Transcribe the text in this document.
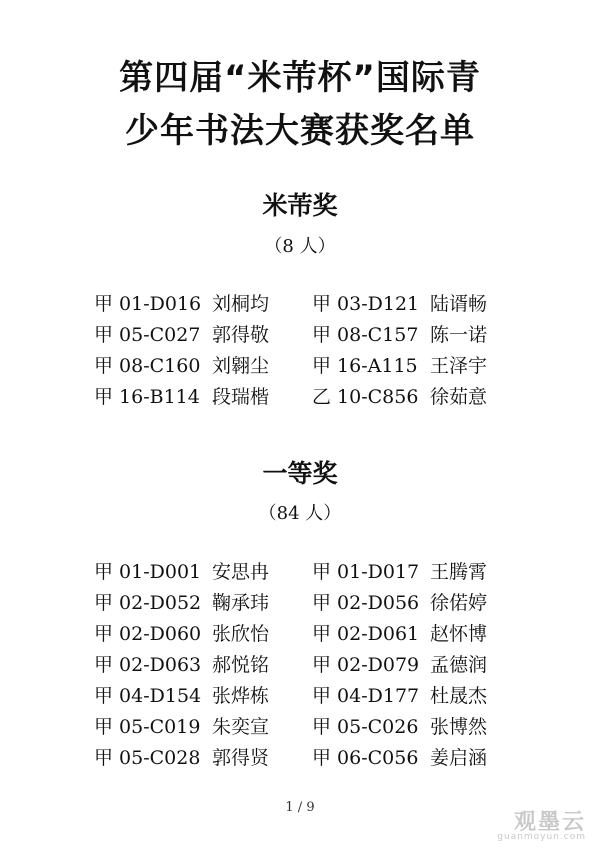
第四届“米芾杯”国际青
少年书法大赛获奖名单
米芾奖
（8 人）
甲 01-D016 刘桐均 甲 03-D121 陆谞畅
甲 05-C027 郭得敬 甲 08-C157 陈一诺
甲 08-C160 刘翱尘 甲 16-A115 王泽宇
甲 16-B114 段瑞楷 乙 10-C856 徐茹意
一等奖
（84 人）
甲 01-D001 安思冉 甲 01-D017 王腾霄
甲 02-D052 鞠承玮 甲 02-D056 徐偌婷
甲 02-D060 张欣怡 甲 02-D061 赵怀博
甲 02-D063 郝悦铭 甲 02-D079 孟德润
甲 04-D154 张烨栋 甲 04-D177 杜晟杰
甲 05-C019 朱奕宣 甲 05-C026 张博然
甲 05-C028 郭得贤 甲 06-C056 姜启涵
1 / 9
观墨云
guanmoyun.com
